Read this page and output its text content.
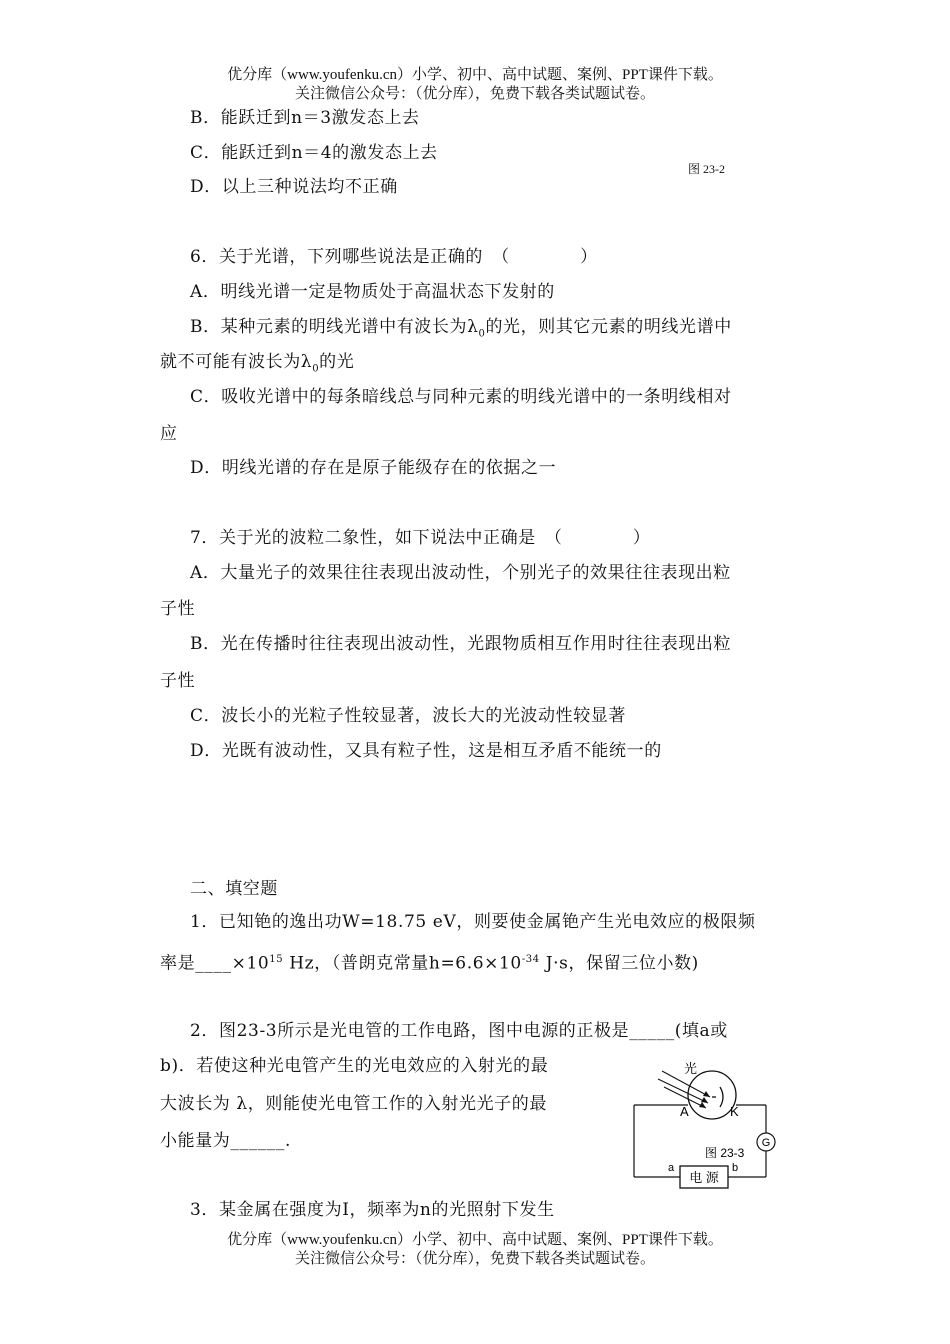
优分库（www.youfenku.cn）小学、初中、高中试题、案例、PPT课件下载。
关注微信公众号：（优分库），免费下载各类试题试卷。
B．能跃迁到n＝3激发态上去
C．能跃迁到n＝4的激发态上去
图 23-2
D．以上三种说法均不正确
6．关于光谱，下列哪些说法是正确的　（　　　　）
A．明线光谱一定是物质处于高温状态下发射的
B．某种元素的明线光谱中有波长为$\lambda_0$的光，则其它元素的明线光谱中
就不可能有波长为$\lambda_0$的光
C．吸收光谱中的每条暗线总与同种元素的明线光谱中的一条明线相对
应
D．明线光谱的存在是原子能级存在的依据之一
7．关于光的波粒二象性，如下说法中正确是　（　　　　）
A．大量光子的效果往往表现出波动性，个别光子的效果往往表现出粒
子性
B．光在传播时往往表现出波动性，光跟物质相互作用时往往表现出粒
子性
C．波长小的光粒子性较显著，波长大的光波动性较显著
D．光既有波动性，又具有粒子性，这是相互矛盾不能统一的
二、填空题
1．已知铯的逸出功W=18.75 eV，则要使金属铯产生光电效应的极限频
率是$\_\_\_\_\times 10^{15}$ Hz，（普朗克常量$h=6.6\times 10^{-34}$ J·s，保留三位小数)
2．图23-3所示是光电管的工作电路，图中电源的正极是_____(填a或
b)．若使这种光电管产生的光电效应的入射光的最
大波长为 λ，则能使光电管工作的入射光光子的最
小能量为______.
3．某金属在强度为I，频率为n的光照射下发生
G
电 源
光
A	K
a	b
图 23-3
优分库（www.youfenku.cn）小学、初中、高中试题、案例、PPT课件下载。
关注微信公众号：（优分库），免费下载各类试题试卷。
